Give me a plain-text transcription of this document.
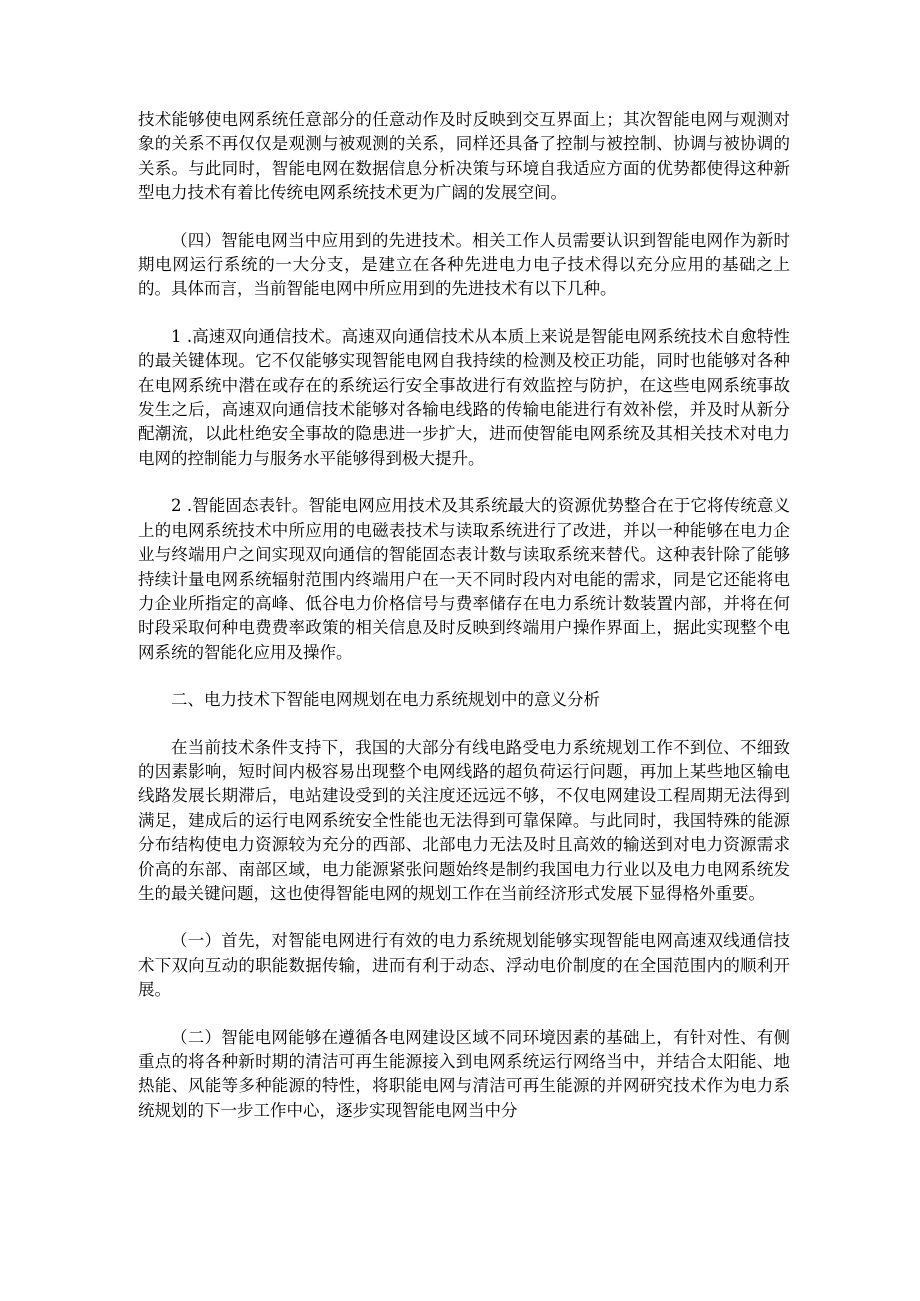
技术能够使电网系统任意部分的任意动作及时反映到交互界面上；其次智能电网与观测对象的关系不再仅仅是观测与被观测的关系，同样还具备了控制与被控制、协调与被协调的关系。与此同时，智能电网在数据信息分析决策与环境自我适应方面的优势都使得这种新型电力技术有着比传统电网系统技术更为广阔的发展空间。

（四）智能电网当中应用到的先进技术。相关工作人员需要认识到智能电网作为新时期电网运行系统的一大分支，是建立在各种先进电力电子技术得以充分应用的基础之上的。具体而言，当前智能电网中所应用到的先进技术有以下几种。

1 .高速双向通信技术。高速双向通信技术从本质上来说是智能电网系统技术自愈特性的最关键体现。它不仅能够实现智能电网自我持续的检测及校正功能，同时也能够对各种在电网系统中潜在或存在的系统运行安全事故进行有效监控与防护，在这些电网系统事故发生之后，高速双向通信技术能够对各输电线路的传输电能进行有效补偿，并及时从新分配潮流，以此杜绝安全事故的隐患进一步扩大，进而使智能电网系统及其相关技术对电力电网的控制能力与服务水平能够得到极大提升。

2 .智能固态表针。智能电网应用技术及其系统最大的资源优势整合在于它将传统意义上的电网系统技术中所应用的电磁表技术与读取系统进行了改进，并以一种能够在电力企业与终端用户之间实现双向通信的智能固态表计数与读取系统来替代。这种表针除了能够持续计量电网系统辐射范围内终端用户在一天不同时段内对电能的需求，同是它还能将电力企业所指定的高峰、低谷电力价格信号与费率储存在电力系统计数装置内部，并将在何时段采取何种电费费率政策的相关信息及时反映到终端用户操作界面上，据此实现整个电网系统的智能化应用及操作。

二、电力技术下智能电网规划在电力系统规划中的意义分析

在当前技术条件支持下，我国的大部分有线电路受电力系统规划工作不到位、不细致的因素影响，短时间内极容易出现整个电网线路的超负荷运行问题，再加上某些地区输电线路发展长期滞后，电站建设受到的关注度还远远不够，不仅电网建设工程周期无法得到满足，建成后的运行电网系统安全性能也无法得到可靠保障。与此同时，我国特殊的能源分布结构使电力资源较为充分的西部、北部电力无法及时且高效的输送到对电力资源需求价高的东部、南部区域，电力能源紧张问题始终是制约我国电力行业以及电力电网系统发生的最关键问题，这也使得智能电网的规划工作在当前经济形式发展下显得格外重要。

（一）首先，对智能电网进行有效的电力系统规划能够实现智能电网高速双线通信技术下双向互动的职能数据传输，进而有利于动态、浮动电价制度的在全国范围内的顺利开展。

（二）智能电网能够在遵循各电网建设区域不同环境因素的基础上，有针对性、有侧重点的将各种新时期的清洁可再生能源接入到电网系统运行网络当中，并结合太阳能、地热能、风能等多种能源的特性，将职能电网与清洁可再生能源的并网研究技术作为电力系统规划的下一步工作中心，逐步实现智能电网当中分
